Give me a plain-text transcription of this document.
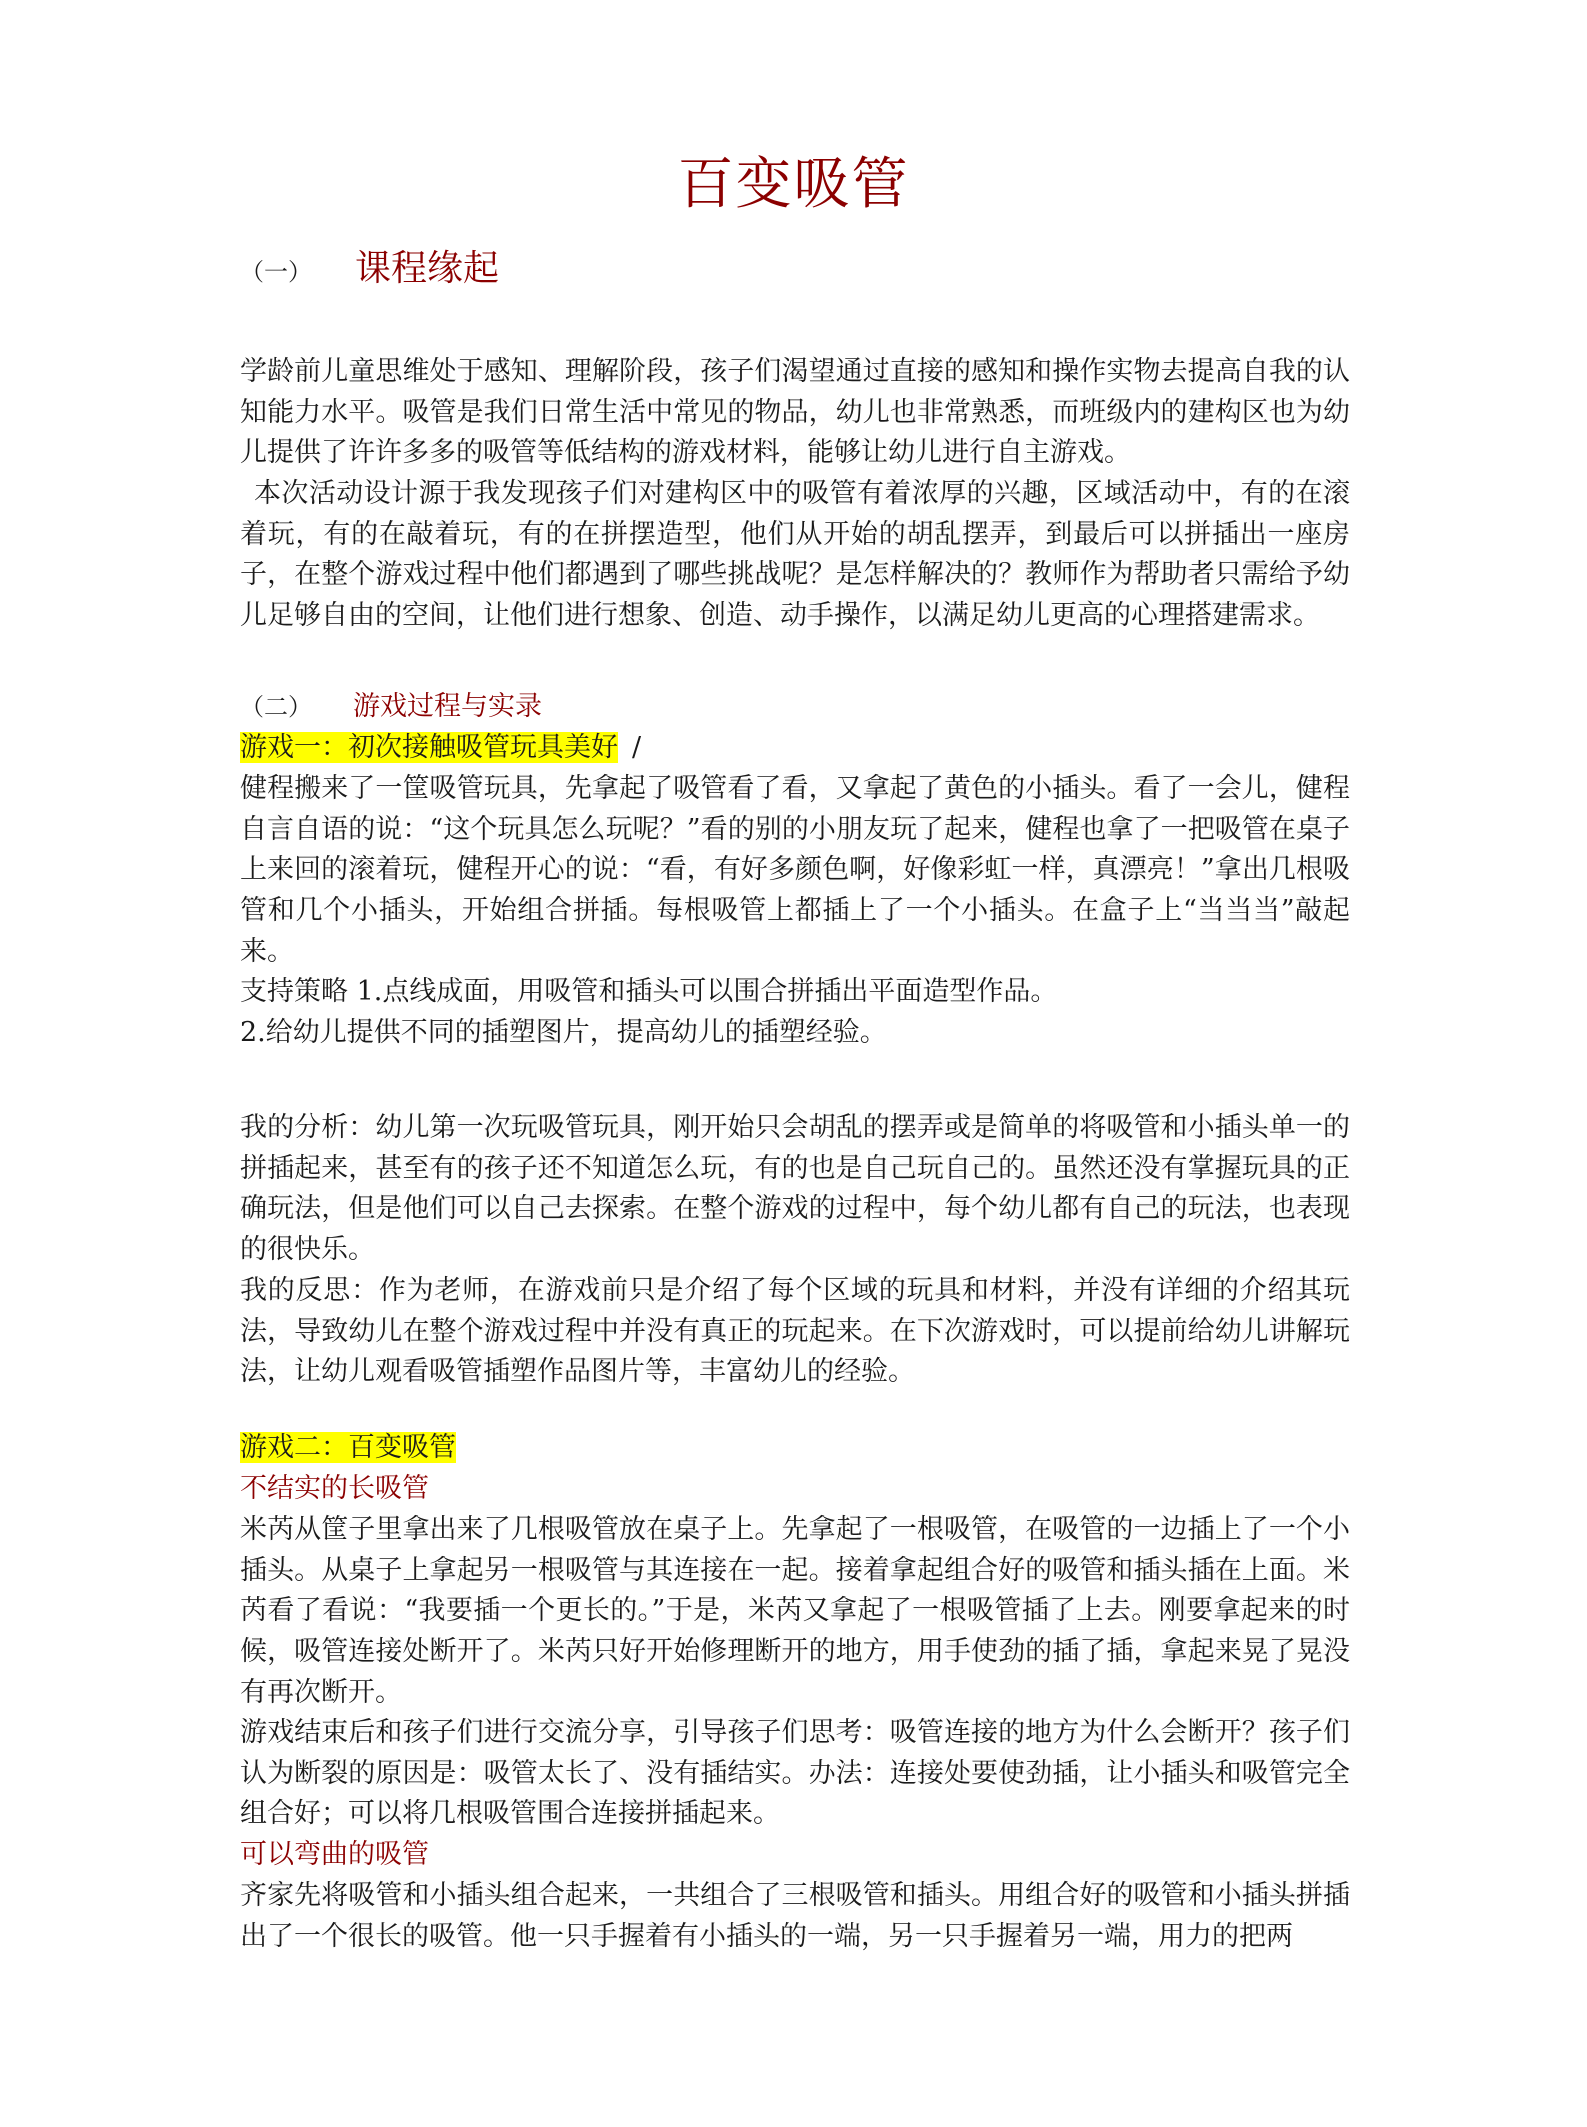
百变吸管
（一） 课程缘起

学龄前儿童思维处于感知、理解阶段，孩子们渴望通过直接的感知和操作实物去提高自我的认知能力水平。吸管是我们日常生活中常见的物品，幼儿也非常熟悉，而班级内的建构区也为幼儿提供了许许多多的吸管等低结构的游戏材料，能够让幼儿进行自主游戏。

本次活动设计源于我发现孩子们对建构区中的吸管有着浓厚的兴趣，区域活动中，有的在滚着玩，有的在敲着玩，有的在拼摆造型，他们从开始的胡乱摆弄，到最后可以拼插出一座房子，在整个游戏过程中他们都遇到了哪些挑战呢？是怎样解决的？教师作为帮助者只需给予幼儿足够自由的空间，让他们进行想象、创造、动手操作，以满足幼儿更高的心理搭建需求。

（二） 游戏过程与实录

游戏一：初次接触吸管玩具美好 /

健程搬来了一筐吸管玩具，先拿起了吸管看了看，又拿起了黄色的小插头。看了一会儿，健程自言自语的说：“这个玩具怎么玩呢？”看的别的小朋友玩了起来，健程也拿了一把吸管在桌子上来回的滚着玩，健程开心的说：“看，有好多颜色啊，好像彩虹一样，真漂亮！”拿出几根吸管和几个小插头，开始组合拼插。每根吸管上都插上了一个小插头。在盒子上“当当当”敲起来。

支持策略 1.点线成面，用吸管和插头可以围合拼插出平面造型作品。

2.给幼儿提供不同的插塑图片，提高幼儿的插塑经验。

我的分析：幼儿第一次玩吸管玩具，刚开始只会胡乱的摆弄或是简单的将吸管和小插头单一的拼插起来，甚至有的孩子还不知道怎么玩，有的也是自己玩自己的。虽然还没有掌握玩具的正确玩法，但是他们可以自己去探索。在整个游戏的过程中，每个幼儿都有自己的玩法，也表现的很快乐。

我的反思：作为老师，在游戏前只是介绍了每个区域的玩具和材料，并没有详细的介绍其玩法，导致幼儿在整个游戏过程中并没有真正的玩起来。在下次游戏时，可以提前给幼儿讲解玩法，让幼儿观看吸管插塑作品图片等，丰富幼儿的经验。

游戏二：百变吸管

不结实的长吸管

米芮从筐子里拿出来了几根吸管放在桌子上。先拿起了一根吸管，在吸管的一边插上了一个小插头。从桌子上拿起另一根吸管与其连接在一起。接着拿起组合好的吸管和插头插在上面。米芮看了看说：“我要插一个更长的。”于是，米芮又拿起了一根吸管插了上去。刚要拿起来的时候，吸管连接处断开了。米芮只好开始修理断开的地方，用手使劲的插了插，拿起来晃了晃没有再次断开。

游戏结束后和孩子们进行交流分享，引导孩子们思考：吸管连接的地方为什么会断开？孩子们认为断裂的原因是：吸管太长了、没有插结实。办法：连接处要使劲插，让小插头和吸管完全组合好；可以将几根吸管围合连接拼插起来。

可以弯曲的吸管

齐家先将吸管和小插头组合起来，一共组合了三根吸管和插头。用组合好的吸管和小插头拼插出了一个很长的吸管。他一只手握着有小插头的一端，另一只手握着另一端，用力的把两
